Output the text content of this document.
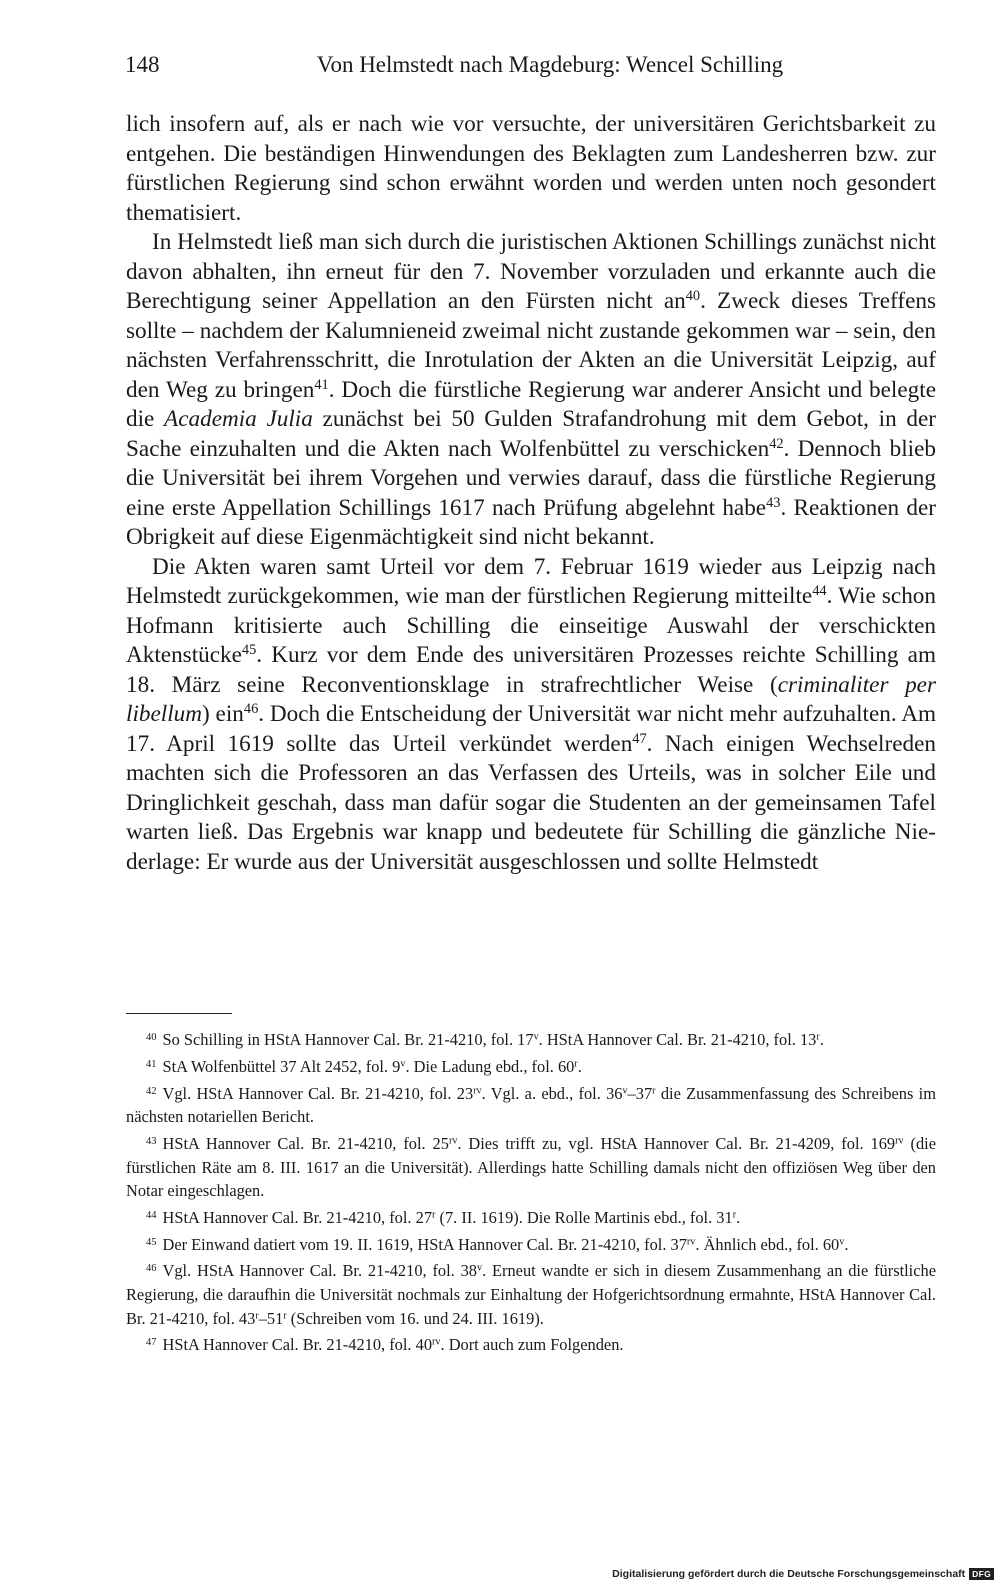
148	Von Helmstedt nach Magdeburg: Wencel Schilling

lich insofern auf, als er nach wie vor versuchte, der universitären Gerichtsbarkeit zu entgehen. Die beständigen Hinwendungen des Beklagten zum Landesherren bzw. zur fürstlichen Regierung sind schon erwähnt worden und werden unten noch gesondert thematisiert.

In Helmstedt ließ man sich durch die juristischen Aktionen Schillings zunächst nicht davon abhalten, ihn erneut für den 7. November vorzuladen und erkannte auch die Berechtigung seiner Appellation an den Fürsten nicht $an^{40}$. Zweck dieses Treffens sollte – nachdem der Kalumnieneid zweimal nicht zustande gekommen war – sein, den nächsten Verfahrensschritt, die Inrotulation der Akten an die Universität Leipzig, auf den Weg zu bringen$^{41}$. Doch die fürstliche Regierung war anderer Ansicht und belegte die Academia Julia zunächst bei 50 Gulden Strafandrohung mit dem Gebot, in der Sache einzuhalten und die Akten nach Wolfenbüttel zu verschicken$^{42}$. Dennoch blieb die Universität bei ihrem Vorgehen und verwies darauf, dass die fürstliche Regierung eine erste Appellation Schillings 1617 nach Prüfung abgelehnt habe$^{43}$. Reaktionen der Obrigkeit auf diese Eigenmächtigkeit sind nicht bekannt.

Die Akten waren samt Urteil vor dem 7. Februar 1619 wieder aus Leipzig nach Helmstedt zurückgekommen, wie man der fürstlichen Regierung mitteilte$^{44}$. Wie schon Hofmann kritisierte auch Schilling die einseitige Auswahl der verschickten Aktenstücke$^{45}$. Kurz vor dem Ende des universitären Prozesses reichte Schilling am 18. März seine Reconventionsklage in strafrechtlicher Weise (criminaliter per libellum) ein$^{46}$. Doch die Entscheidung der Universität war nicht mehr aufzuhalten. Am 17. April 1619 sollte das Urteil verkündet werden$^{47}$. Nach einigen Wechselreden machten sich die Professoren an das Verfassen des Urteils, was in solcher Eile und Dringlichkeit geschah, dass man dafür sogar die Studenten an der gemeinsamen Tafel warten ließ. Das Ergebnis war knapp und bedeutete für Schilling die gänzliche Niederlage: Er wurde aus der Universität ausgeschlossen und sollte Helmstedt

$^{40}$ So Schilling in HStA Hannover Cal. Br. 21-4210, fol. 17$^v$. HStA Hannover Cal. Br. 21-4210, fol. 13$^r$.

$^{41}$ StA Wolfenbüttel 37 Alt 2452, fol. 9$^v$. Die Ladung ebd., fol. 60$^r$.

$^{42}$ Vgl. HStA Hannover Cal. Br. 21-4210, fol. $23^{rv}$. Vgl. a. ebd., fol. 36$^v$–37$^r$ die Zusammenfassung des Schreibens im nächsten notariellen Bericht.

$^{43}$ HStA Hannover Cal. Br. 21-4210, fol. $25^{rv}$. Dies trifft zu, vgl. HStA Hannover Cal. Br. 21-4209, fol. $169^{rv}$ (die fürstlichen Räte am 8. III. 1617 an die Universität). Allerdings hatte Schilling damals nicht den offiziösen Weg über den Notar eingeschlagen.

$^{44}$ HStA Hannover Cal. Br. 21-4210, fol. 27$^r$ (7. II. 1619). Die Rolle Martinis ebd., fol. 31$^r$.

$^{45}$ Der Einwand datiert vom 19. II. 1619, HStA Hannover Cal. Br. 21-4210, fol. $37^{rv}$. Ähnlich ebd., fol. 60$^v$.

$^{46}$ Vgl. HStA Hannover Cal. Br. 21-4210, fol. 38$^v$. Erneut wandte er sich in diesem Zusammenhang an die fürstliche Regierung, die daraufhin die Universität nochmals zur Einhaltung der Hofgerichtsordnung ermahnte, HStA Hannover Cal. Br. 21-4210, fol. 43$^r$–51$^r$ (Schreiben vom 16. und 24. III. 1619).

$^{47}$ HStA Hannover Cal. Br. 21-4210, fol. $40^{rv}$. Dort auch zum Folgenden.

Digitalisierung gefördert durch die Deutsche Forschungsgemeinschaft DFG
